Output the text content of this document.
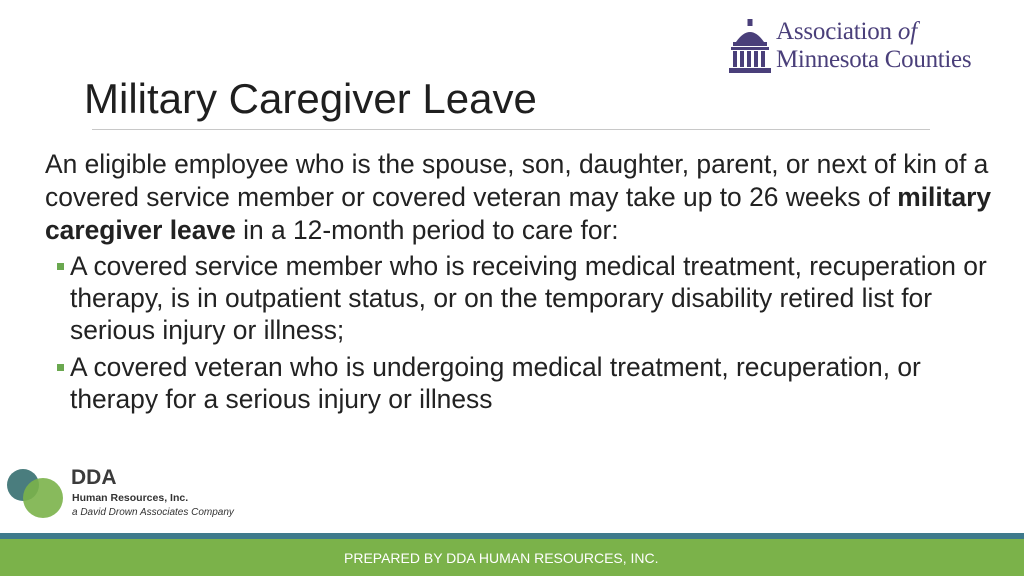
Association of
Minnesota Counties
Military Caregiver Leave

An eligible employee who is the spouse, son, daughter, parent, or next of kin of a covered service member or covered veteran may take up to 26 weeks of military caregiver leave in a 12-month period to care for:

A covered service member who is receiving medical treatment, recuperation or therapy, is in outpatient status, or on the temporary disability retired list for serious injury or illness;
A covered veteran who is undergoing medical treatment, recuperation, or therapy for a serious injury or illness
DDA
Human Resources, Inc.
a David Drown Associates Company
PREPARED BY DDA HUMAN RESOURCES, INC.
